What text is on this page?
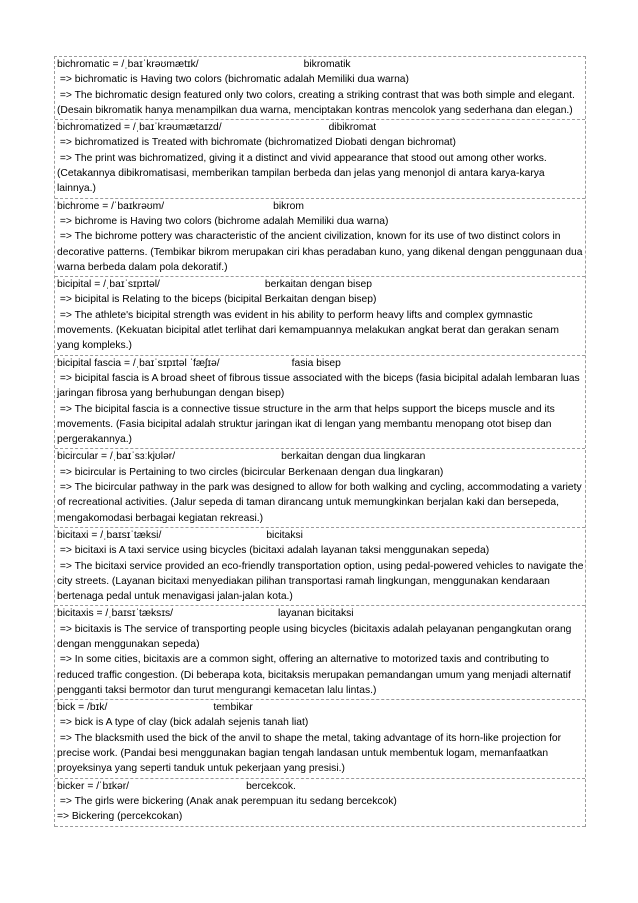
bichromatic = /ˌbaɪˈkrəʊmætɪk/	bikromatik
=> bichromatic is Having two colors (bichromatic adalah Memiliki dua warna)
=> The bichromatic design featured only two colors, creating a striking contrast that was both simple and elegant. (Desain bikromatik hanya menampilkan dua warna, menciptakan kontras mencolok yang sederhana dan elegan.)
bichromatized = /ˌbaɪˈkrəʊmætaɪzd/	dibikromat
=> bichromatized is Treated with bichromate (bichromatized Diobati dengan bichromat)
=> The print was bichromatized, giving it a distinct and vivid appearance that stood out among other works. (Cetakannya dibikromatisasi, memberikan tampilan berbeda dan jelas yang menonjol di antara karya-karya lainnya.)
bichrome = /ˈbaɪkrəʊm/	bikrom
=> bichrome is Having two colors (bichrome adalah Memiliki dua warna)
=> The bichrome pottery was characteristic of the ancient civilization, known for its use of two distinct colors in decorative patterns. (Tembikar bikrom merupakan ciri khas peradaban kuno, yang dikenal dengan penggunaan dua warna berbeda dalam pola dekoratif.)
bicipital = /ˌbaɪˈsɪpɪtəl/	berkaitan dengan bisep
=> bicipital is Relating to the biceps (bicipital Berkaitan dengan bisep)
=> The athlete's bicipital strength was evident in his ability to perform heavy lifts and complex gymnastic movements. (Kekuatan bicipital atlet terlihat dari kemampuannya melakukan angkat berat dan gerakan senam yang kompleks.)
bicipital fascia = /ˌbaɪˈsɪpɪtəl ˈfæʃɪə/	fasia bisep
=> bicipital fascia is A broad sheet of fibrous tissue associated with the biceps (fasia bicipital adalah lembaran luas jaringan fibrosa yang berhubungan dengan bisep)
=> The bicipital fascia is a connective tissue structure in the arm that helps support the biceps muscle and its movements. (Fasia bicipital adalah struktur jaringan ikat di lengan yang membantu menopang otot bisep dan pergerakannya.)
bicircular = /ˌbaɪˈsɜːkjʊlər/	berkaitan dengan dua lingkaran
=> bicircular is Pertaining to two circles (bicircular Berkenaan dengan dua lingkaran)
=> The bicircular pathway in the park was designed to allow for both walking and cycling, accommodating a variety of recreational activities. (Jalur sepeda di taman dirancang untuk memungkinkan berjalan kaki dan bersepeda, mengakomodasi berbagai kegiatan rekreasi.)
bicitaxi = /ˌbaɪsɪˈtæksi/	bicitaksi
=> bicitaxi is A taxi service using bicycles (bicitaxi adalah layanan taksi menggunakan sepeda)
=> The bicitaxi service provided an eco-friendly transportation option, using pedal-powered vehicles to navigate the city streets. (Layanan bicitaxi menyediakan pilihan transportasi ramah lingkungan, menggunakan kendaraan bertenaga pedal untuk menavigasi jalan-jalan kota.)
bicitaxis = /ˌbaɪsɪˈtæksɪs/	layanan bicitaksi
=> bicitaxis is The service of transporting people using bicycles (bicitaxis adalah pelayanan pengangkutan orang dengan menggunakan sepeda)
=> In some cities, bicitaxis are a common sight, offering an alternative to motorized taxis and contributing to reduced traffic congestion. (Di beberapa kota, bicitaksis merupakan pemandangan umum yang menjadi alternatif pengganti taksi bermotor dan turut mengurangi kemacetan lalu lintas.)
bick = /bɪk/	tembikar
=> bick is A type of clay (bick adalah sejenis tanah liat)
=> The blacksmith used the bick of the anvil to shape the metal, taking advantage of its horn-like projection for precise work. (Pandai besi menggunakan bagian tengah landasan untuk membentuk logam, memanfaatkan proyeksinya yang seperti tanduk untuk pekerjaan yang presisi.)
bicker = /ˈbɪkər/	bercekcok.
=> The girls were bickering (Anak anak perempuan itu sedang bercekcok)
=> Bickering (percekcokan)
